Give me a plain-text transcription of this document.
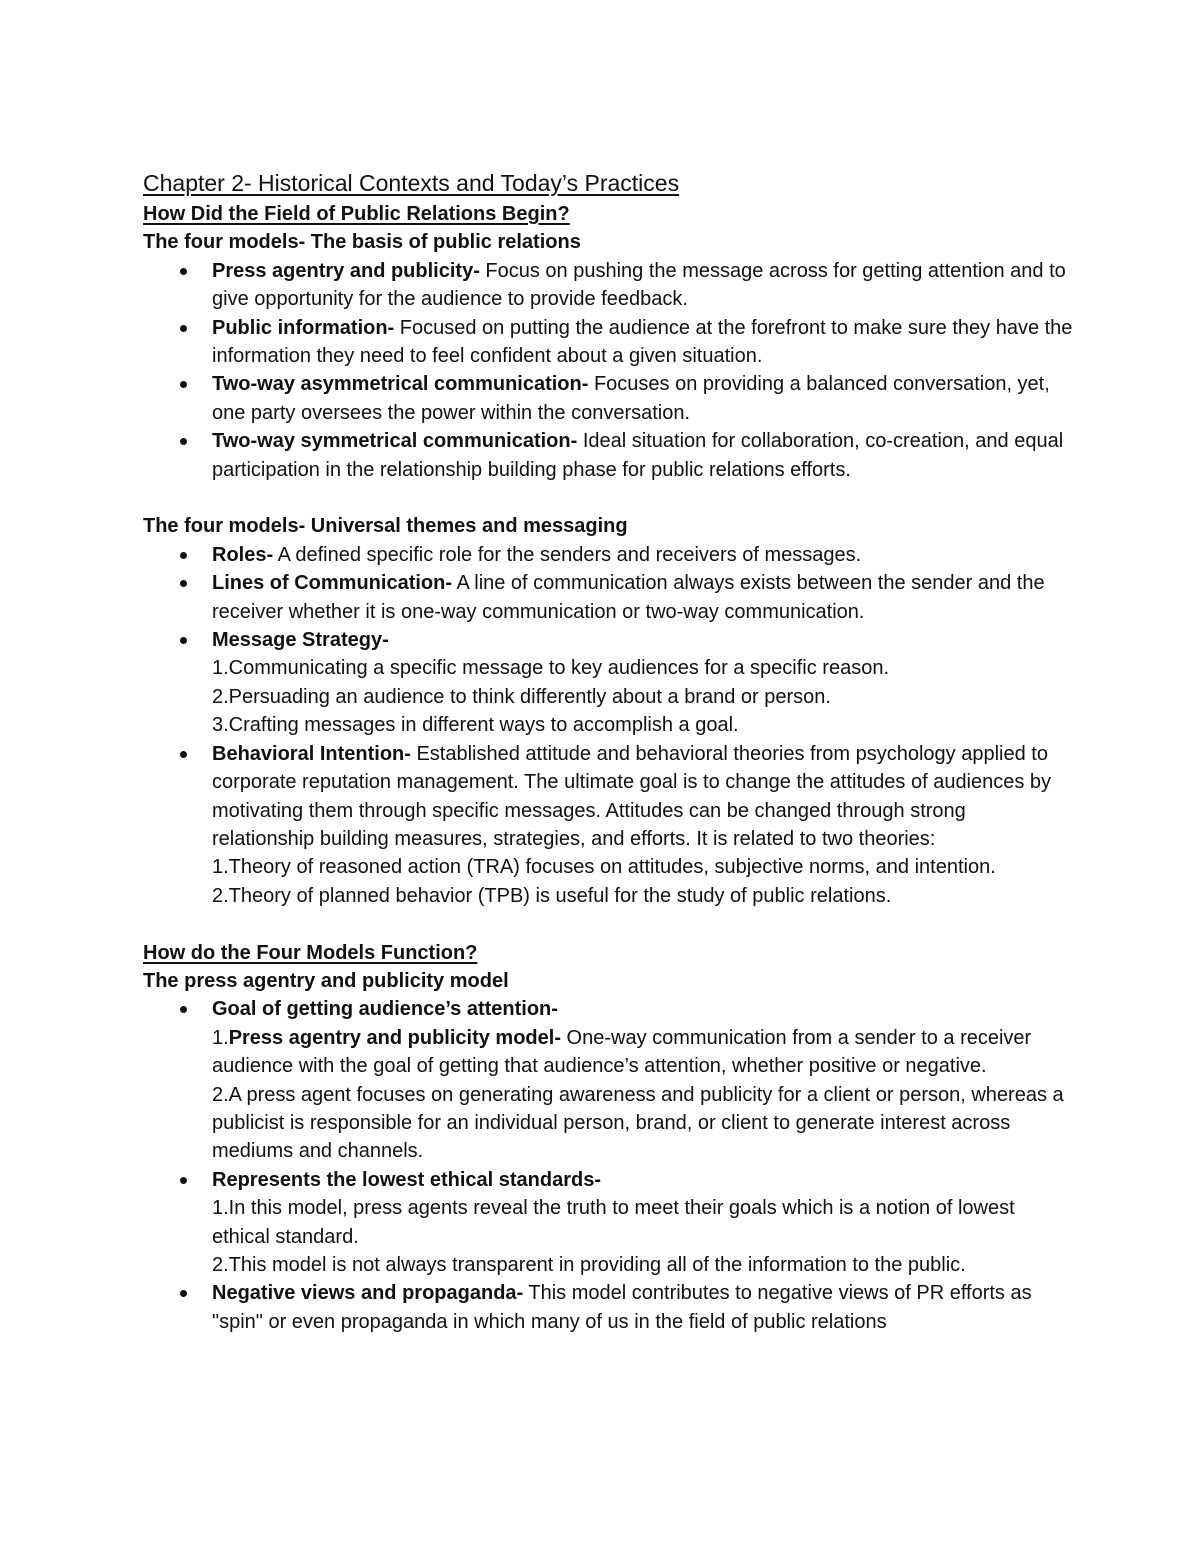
Chapter 2- Historical Contexts and Today’s Practices
How Did the Field of Public Relations Begin?
The four models- The basis of public relations
Press agentry and publicity- Focus on pushing the message across for getting attention and to give opportunity for the audience to provide feedback.
Public information- Focused on putting the audience at the forefront to make sure they have the information they need to feel confident about a given situation.
Two-way asymmetrical communication- Focuses on providing a balanced conversation, yet, one party oversees the power within the conversation.
Two-way symmetrical communication- Ideal situation for collaboration, co-creation, and equal participation in the relationship building phase for public relations efforts.
The four models- Universal themes and messaging
Roles- A defined specific role for the senders and receivers of messages.
Lines of Communication- A line of communication always exists between the sender and the receiver whether it is one-way communication or two-way communication.
Message Strategy-
1.Communicating a specific message to key audiences for a specific reason.
2.Persuading an audience to think differently about a brand or person.
3.Crafting messages in different ways to accomplish a goal.
Behavioral Intention- Established attitude and behavioral theories from psychology applied to corporate reputation management. The ultimate goal is to change the attitudes of audiences by motivating them through specific messages. Attitudes can be changed through strong relationship building measures, strategies, and efforts. It is related to two theories:
1.Theory of reasoned action (TRA) focuses on attitudes, subjective norms, and intention.
2.Theory of planned behavior (TPB) is useful for the study of public relations.
How do the Four Models Function?
The press agentry and publicity model
Goal of getting audience’s attention-
1.Press agentry and publicity model- One-way communication from a sender to a receiver audience with the goal of getting that audience’s attention, whether positive or negative.
2.A press agent focuses on generating awareness and publicity for a client or person, whereas a publicist is responsible for an individual person, brand, or client to generate interest across mediums and channels.
Represents the lowest ethical standards-
1.In this model, press agents reveal the truth to meet their goals which is a notion of lowest ethical standard.
2.This model is not always transparent in providing all of the information to the public.
Negative views and propaganda- This model contributes to negative views of PR efforts as "spin" or even propaganda in which many of us in the field of public relations
